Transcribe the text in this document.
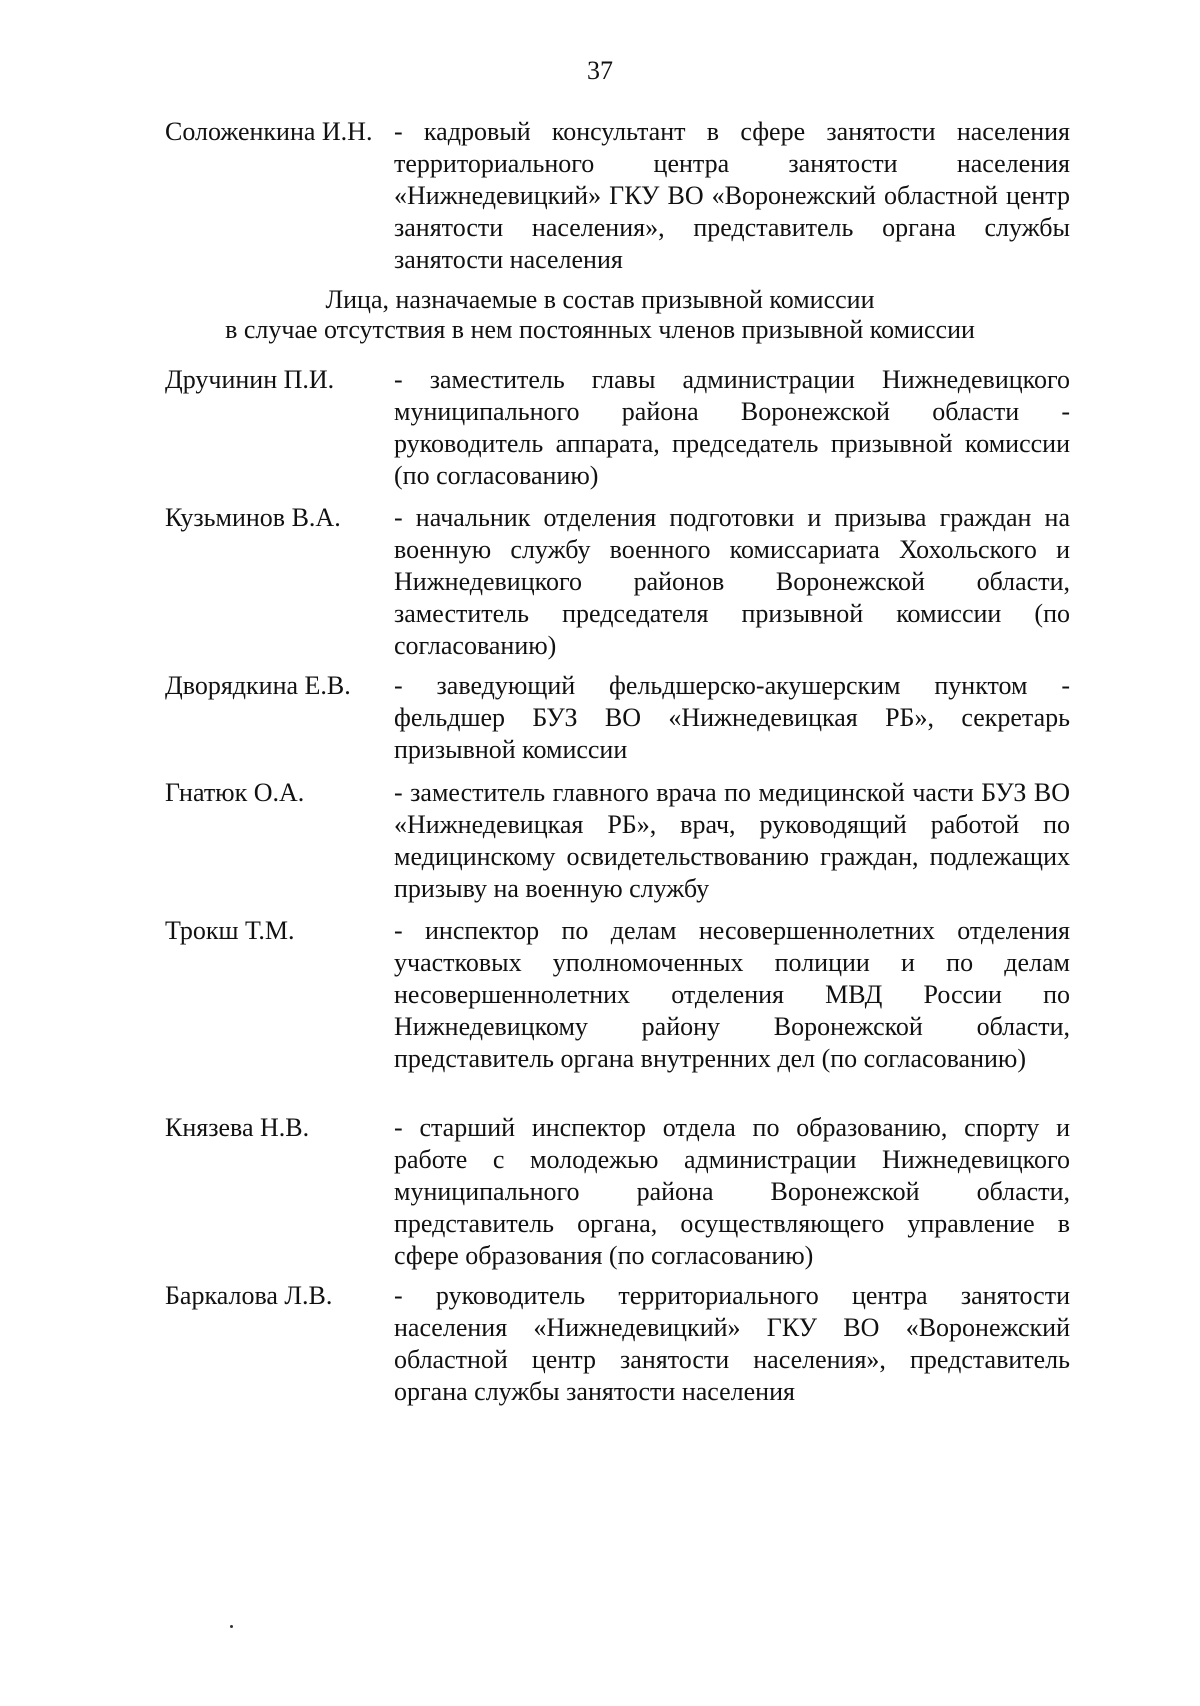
37
Соложенкина И.Н. - кадровый консультант в сфере занятости населения территориального центра занятости населения «Нижнедевицкий» ГКУ ВО «Воронежский областной центр занятости населения», представитель органа службы занятости населения
Лица, назначаемые в состав призывной комиссии
в случае отсутствия в нем постоянных членов призывной комиссии
Дручинин П.И.	- заместитель главы администрации Нижнедевицкого муниципального района Воронежской области - руководитель аппарата, председатель призывной комиссии (по согласованию)
Кузьминов В.А.	- начальник отделения подготовки и призыва граждан на военную службу военного комиссариата Хохольского и Нижнедевицкого районов Воронежской области, заместитель председателя призывной комиссии (по согласованию)
Дворядкина Е.В.	- заведующий фельдшерско-акушерским пунктом - фельдшер БУЗ ВО «Нижнедевицкая РБ», секретарь призывной комиссии
Гнатюк О.А.	- заместитель главного врача по медицинской части БУЗ ВО «Нижнедевицкая РБ», врач, руководящий работой по медицинскому освидетельствованию граждан, подлежащих призыву на военную службу
Трокш Т.М.	- инспектор по делам несовершеннолетних отделения участковых уполномоченных полиции и по делам несовершеннолетних отделения МВД России по Нижнедевицкому району Воронежской области, представитель органа внутренних дел (по согласованию)
Князева Н.В.	- старший инспектор отдела по образованию, спорту и работе с молодежью администрации Нижнедевицкого муниципального района Воронежской области, представитель органа, осуществляющего управление в сфере образования (по согласованию)
Баркалова Л.В.	- руководитель территориального центра занятости населения «Нижнедевицкий» ГКУ ВО «Воронежский областной центр занятости населения», представитель органа службы занятости населения
